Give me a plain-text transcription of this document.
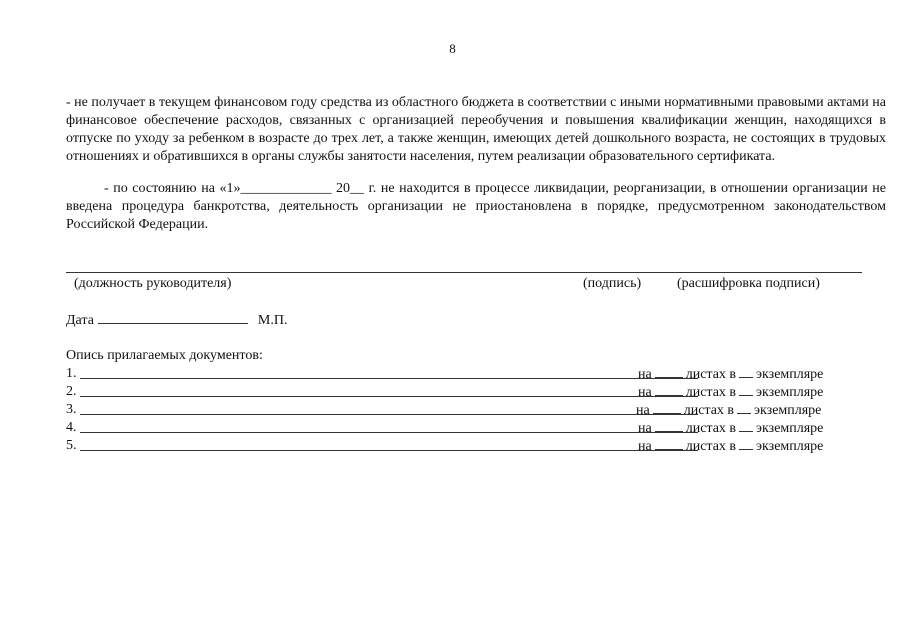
8

- не получает в текущем финансовом году средства из областного бюджета в соответствии с иными нормативными правовыми актами на финансовое обеспечение расходов, связанных с организацией переобучения и повышения квалификации женщин, находящихся в отпуске по уходу за ребенком в возрасте до трех лет, а также женщин, имеющих детей дошкольного возраста, не состоящих в трудовых отношениях и обратившихся в органы службы занятости населения, путем реализации образовательного сертификата.

- по состоянию на «1»_____________ 20__ г. не находится в процессе ликвидации, реорганизации, в отношении организации не введена процедура банкротства, деятельность организации не приостановлена в порядке, предусмотренном законодательством Российской Федерации.

(должность руководителя)	(подпись)	(расшифровка подписи)
Дата	М.П.
Опись прилагаемых документов:
1.	на листах в экземпляре
2.	на листах в экземпляре
3.	на листах в экземпляре
4.	на листах в экземпляре
5.	на листах в экземпляре
